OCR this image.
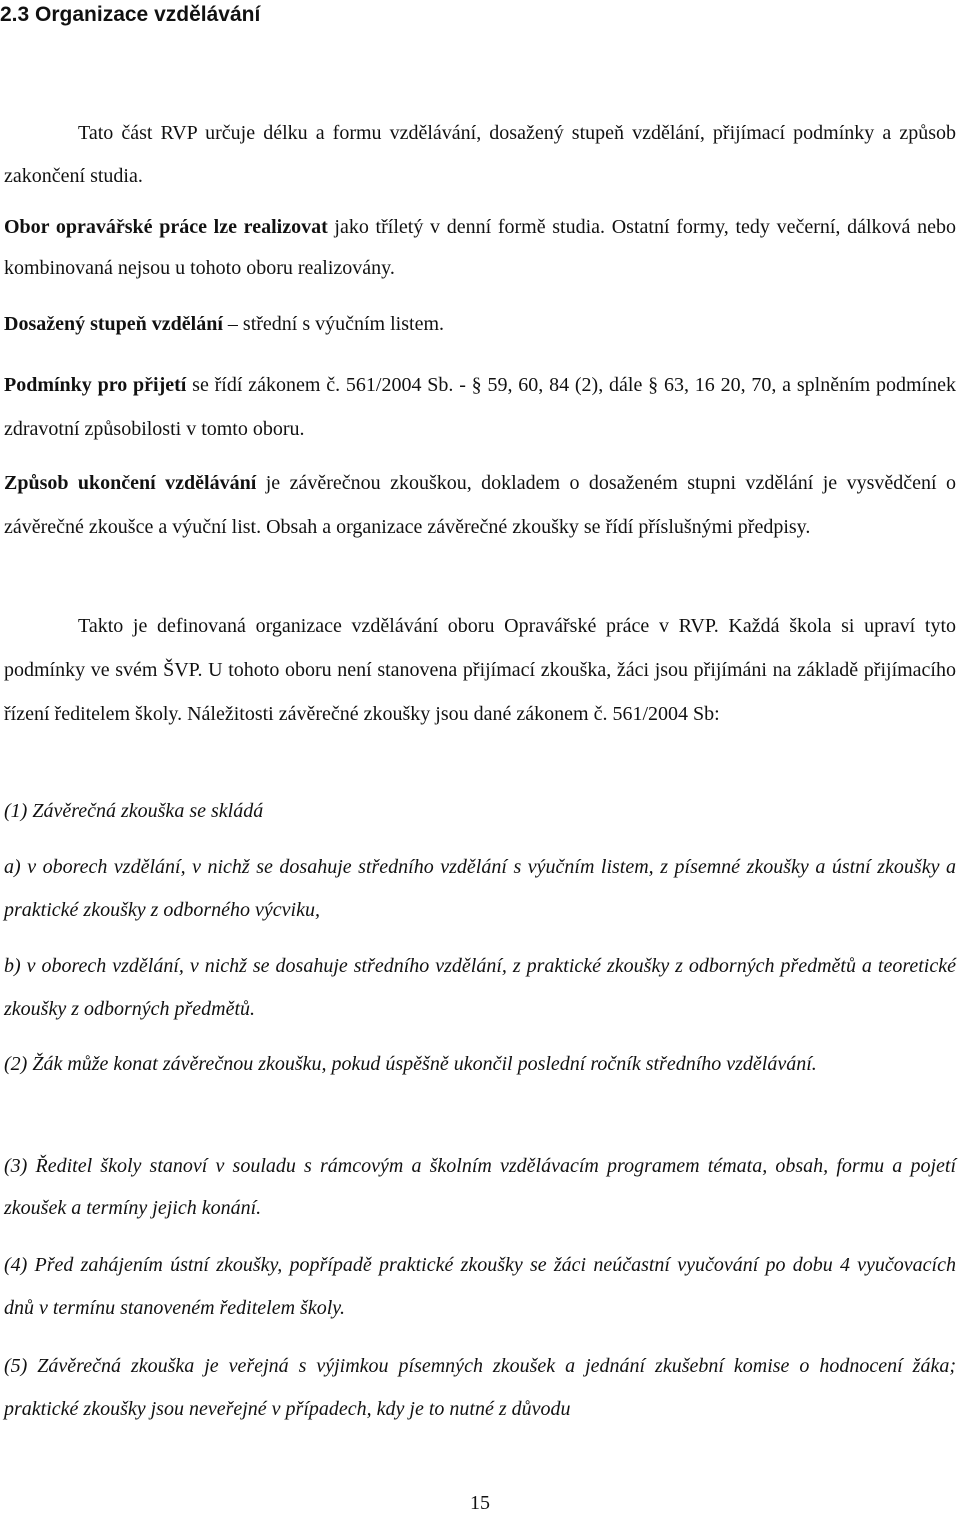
2.3 Organizace vzdělávání

Tato část RVP určuje délku a formu vzdělávání, dosažený stupeň vzdělání, přijímací podmínky a způsob zakončení studia.

Obor opravářské práce lze realizovat jako tříletý v denní formě studia. Ostatní formy, tedy večerní, dálková nebo kombinovaná nejsou u tohoto oboru realizovány.

Dosažený stupeň vzdělání – střední s výučním listem.

Podmínky pro přijetí se řídí zákonem č. 561/2004 Sb. - § 59, 60, 84 (2), dále § 63, 16 20, 70, a splněním podmínek zdravotní způsobilosti v tomto oboru.

Způsob ukončení vzdělávání je závěrečnou zkouškou, dokladem o dosaženém stupni vzdělání je vysvědčení o závěrečné zkoušce a výuční list. Obsah a organizace závěrečné zkoušky se řídí příslušnými předpisy.

Takto je definovaná organizace vzdělávání oboru Opravářské práce v RVP. Každá škola si upraví tyto podmínky ve svém ŠVP. U tohoto oboru není stanovena přijímací zkouška, žáci jsou přijímáni na základě přijímacího řízení ředitelem školy. Náležitosti závěrečné zkoušky jsou dané zákonem č. 561/2004 Sb:

(1) Závěrečná zkouška se skládá

a) v oborech vzdělání, v nichž se dosahuje středního vzdělání s výučním listem, z písemné zkoušky a ústní zkoušky a praktické zkoušky z odborného výcviku,

b) v oborech vzdělání, v nichž se dosahuje středního vzdělání, z praktické zkoušky z odborných předmětů a teoretické zkoušky z odborných předmětů.

(2) Žák může konat závěrečnou zkoušku, pokud úspěšně ukončil poslední ročník středního vzdělávání.

(3) Ředitel školy stanoví v souladu s rámcovým a školním vzdělávacím programem témata, obsah, formu a pojetí zkoušek a termíny jejich konání.

(4) Před zahájením ústní zkoušky, popřípadě praktické zkoušky se žáci neúčastní vyučování po dobu 4 vyučovacích dnů v termínu stanoveném ředitelem školy.

(5) Závěrečná zkouška je veřejná s výjimkou písemných zkoušek a jednání zkušební komise o hodnocení žáka; praktické zkoušky jsou neveřejné v případech, kdy je to nutné z důvodu

15
